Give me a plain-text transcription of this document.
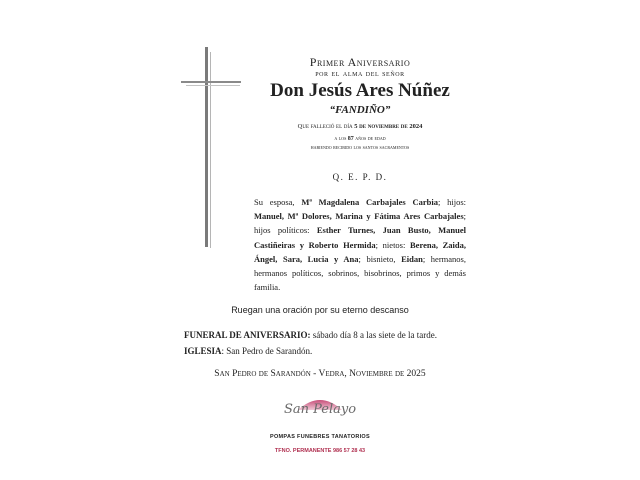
Primer Aniversario
por el alma del señor
Don Jesús Ares Núñez
“FANDIÑO”
Que falleció el día 5 de noviembre de 2024
a los 87 años de edad
habiendo recibido los santos sacramentos
Q. E. P. D.
Su esposa, Mª Magdalena Carbajales Carbia; hijos: Manuel, Mª Dolores, Marina y Fátima Ares Carbajales; hijos políticos: Esther Turnes, Juan Busto, Manuel Castiñeiras y Roberto Hermida; nietos: Berena, Zaida, Ángel, Sara, Lucia y Ana; bisnieto, Eidan; hermanos, hermanos políticos, sobrinos, bisobrinos, primos y demás familia.
Ruegan una oración por su eterno descanso
FUNERAL DE ANIVERSARIO: sábado día 8 a las siete de la tarde.
IGLESIA: San Pedro de Sarandón.
San Pedro de Sarandón - Vedra, Noviembre de 2025
San Pelayo
POMPAS FUNEBRES TANATORIOS
TFNO. PERMANENTE 986 57 28 43
